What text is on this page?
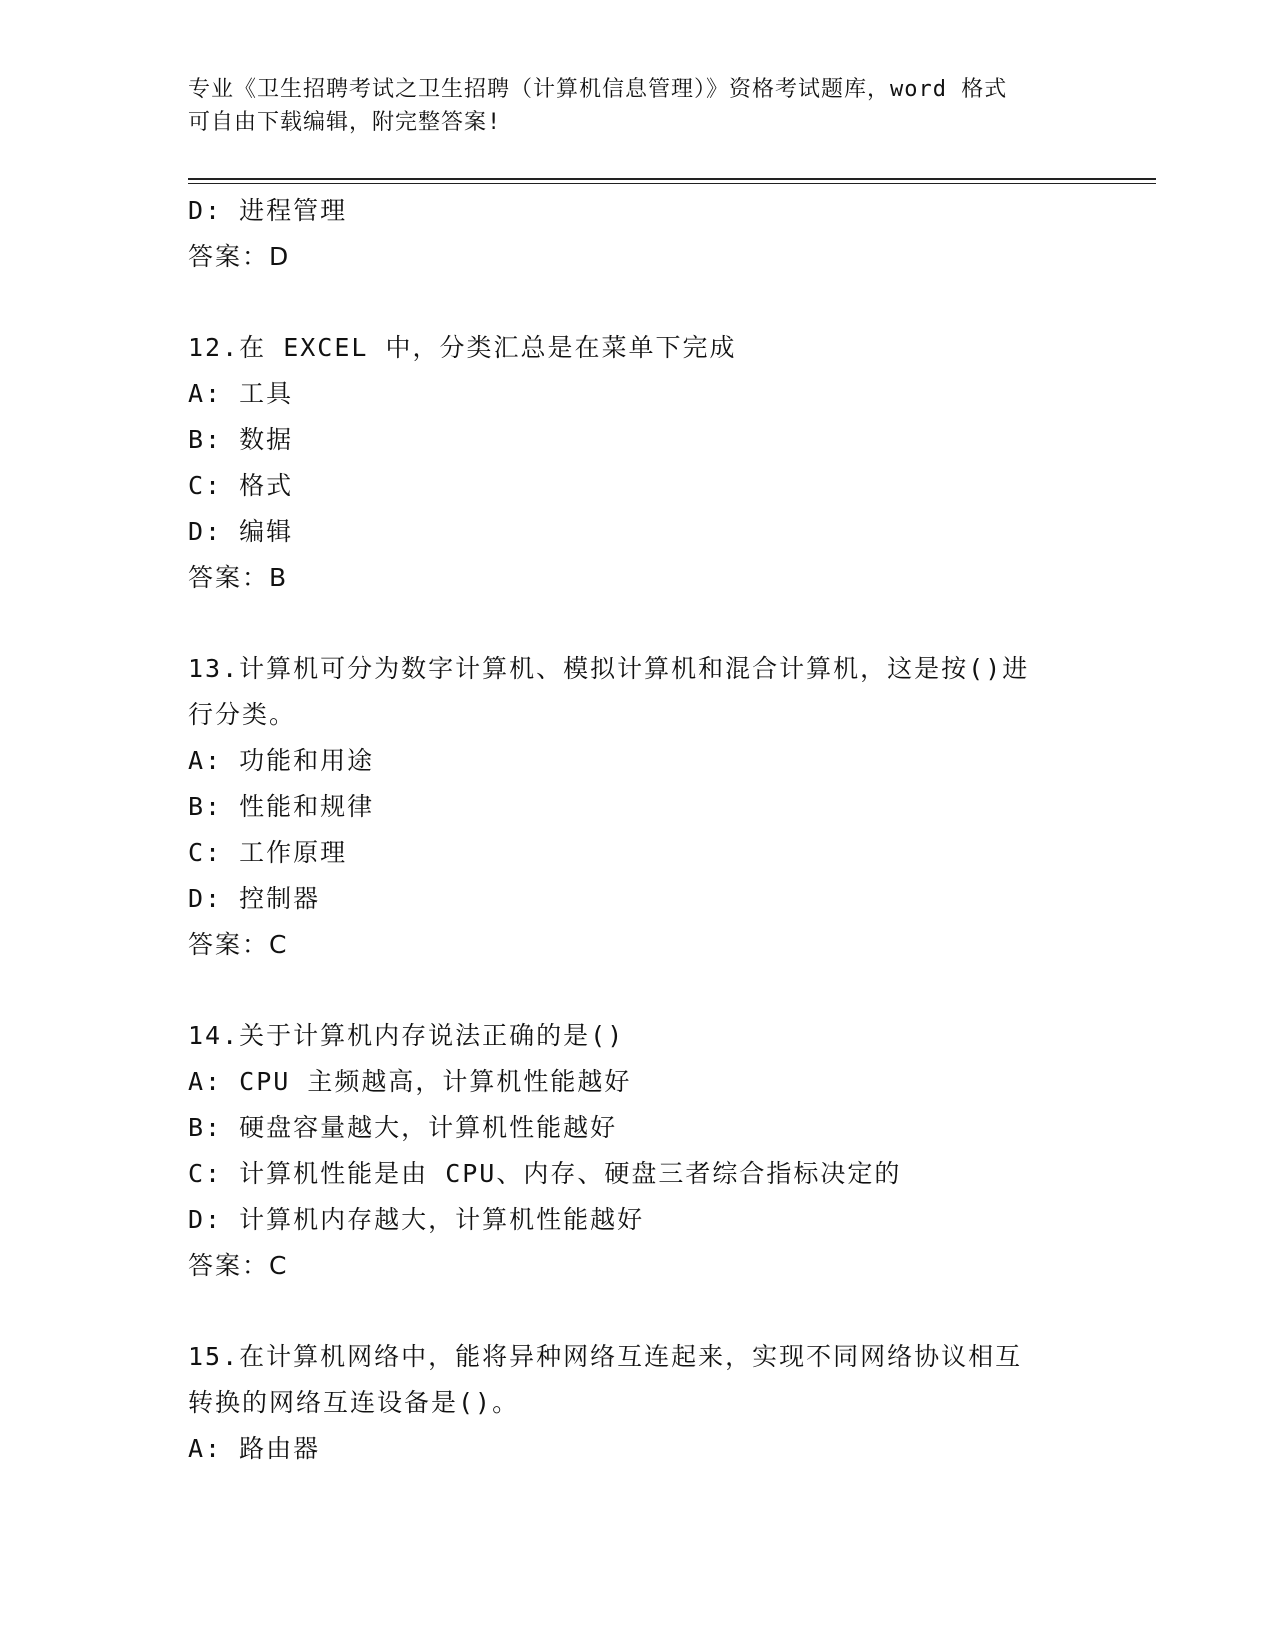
专业《卫生招聘考试之卫生招聘（计算机信息管理）》资格考试题库，word 格式
可自由下载编辑，附完整答案!
D: 进程管理
答案：D
12.在 EXCEL 中，分类汇总是在菜单下完成
A: 工具
B: 数据
C: 格式
D: 编辑
答案：B
13.计算机可分为数字计算机、模拟计算机和混合计算机，这是按()进
行分类。
A: 功能和用途
B: 性能和规律
C: 工作原理
D: 控制器
答案：C
14.关于计算机内存说法正确的是()
A: CPU 主频越高，计算机性能越好
B: 硬盘容量越大，计算机性能越好
C: 计算机性能是由 CPU、内存、硬盘三者综合指标决定的
D: 计算机内存越大，计算机性能越好
答案：C
15.在计算机网络中，能将异种网络互连起来，实现不同网络协议相互
转换的网络互连设备是()。
A: 路由器
